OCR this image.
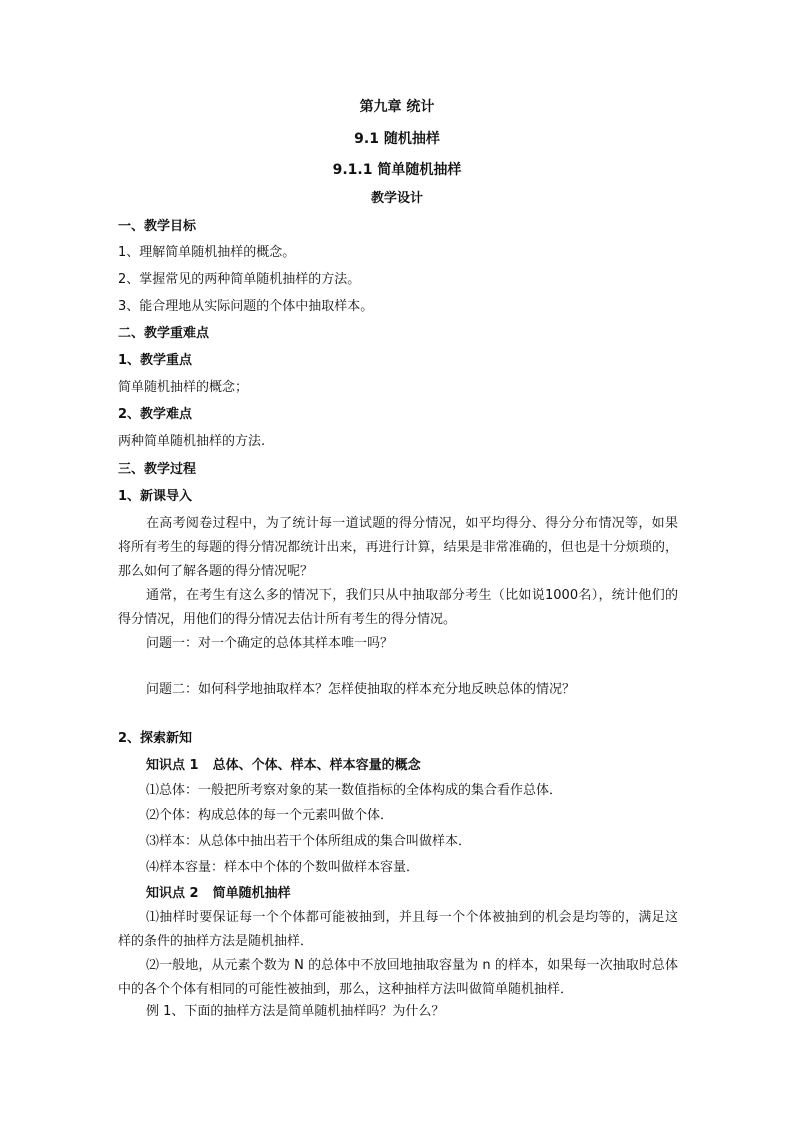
第九章 统计
9.1 随机抽样
9.1.1 简单随机抽样
教学设计
一、教学目标
1、理解简单随机抽样的概念。
2、掌握常见的两种简单随机抽样的方法。
3、能合理地从实际问题的个体中抽取样本。
二、教学重难点
1、教学重点
简单随机抽样的概念；
2、教学难点
两种简单随机抽样的方法.
三、教学过程
1、新课导入

在高考阅卷过程中，为了统计每一道试题的得分情况，如平均得分、得分分布情况等，如果将所有考生的每题的得分情况都统计出来，再进行计算，结果是非常准确的，但也是十分烦琐的，那么如何了解各题的得分情况呢？

通常，在考生有这么多的情况下，我们只从中抽取部分考生（比如说1000名），统计他们的得分情况，用他们的得分情况去估计所有考生的得分情况。

问题一：对一个确定的总体其样本唯一吗？
问题二：如何科学地抽取样本？怎样使抽取的样本充分地反映总体的情况？
2、探索新知
知识点 1 总体、个体、样本、样本容量的概念
⑴总体：一般把所考察对象的某一数值指标的全体构成的集合看作总体．
⑵个体：构成总体的每一个元素叫做个体．
⑶样本：从总体中抽出若干个体所组成的集合叫做样本．
⑷样本容量：样本中个体的个数叫做样本容量．
知识点 2 简单随机抽样

⑴抽样时要保证每一个个体都可能被抽到，并且每一个个体被抽到的机会是均等的，满足这样的条件的抽样方法是随机抽样．

⑵一般地，从元素个数为 N 的总体中不放回地抽取容量为 n 的样本，如果每一次抽取时总体中的各个个体有相同的可能性被抽到，那么，这种抽样方法叫做简单随机抽样．

例 1、下面的抽样方法是简单随机抽样吗？为什么？
